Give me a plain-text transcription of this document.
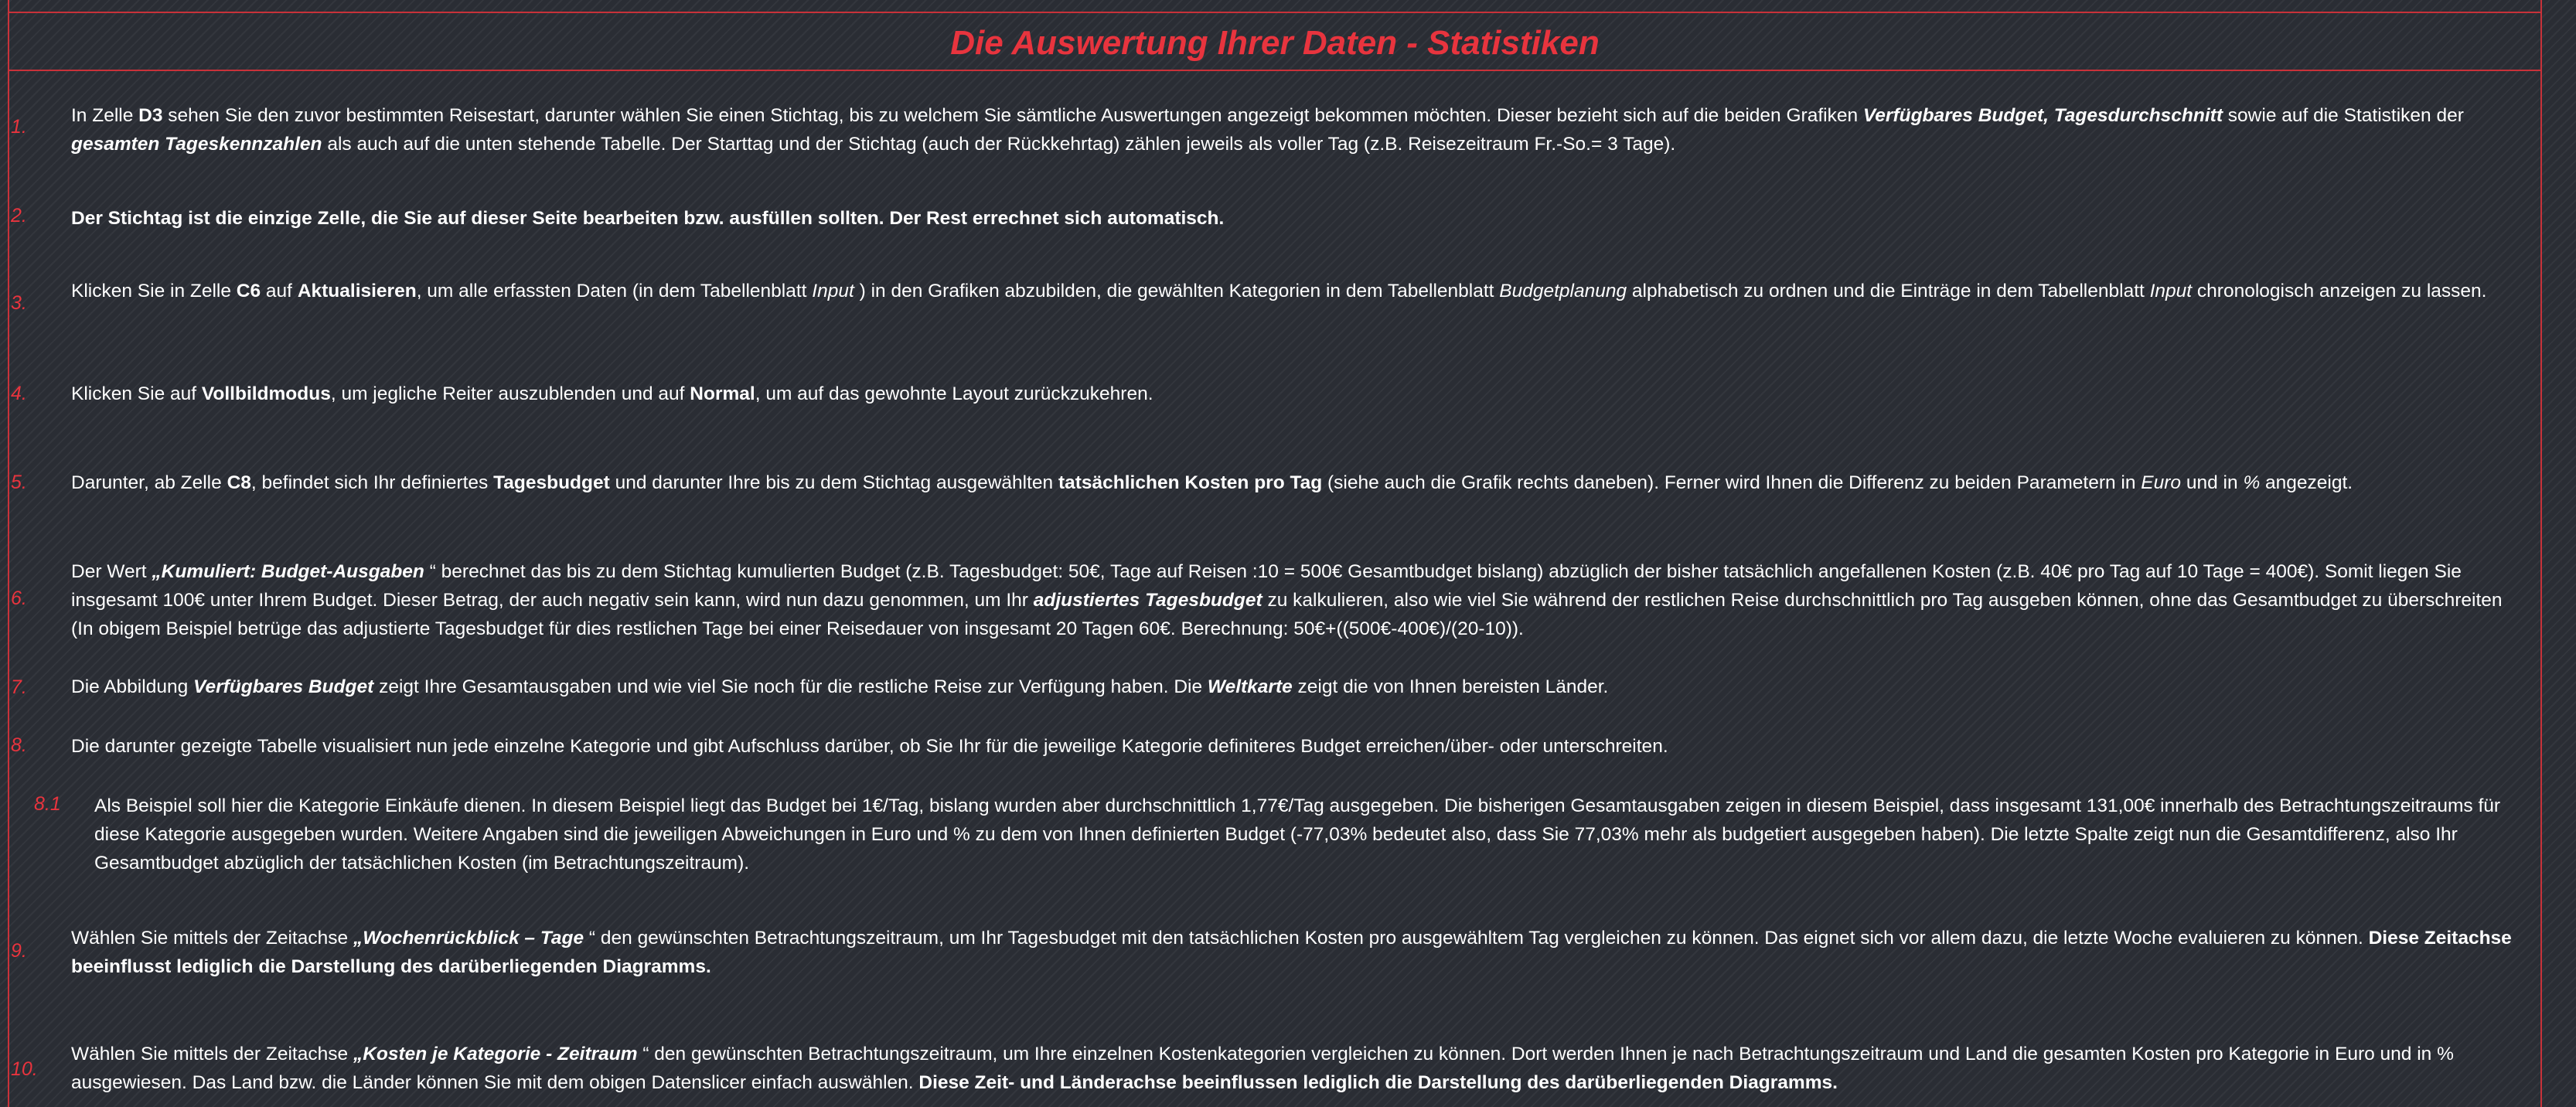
Die Auswertung Ihrer Daten - Statistiken
1.
In Zelle D3 sehen Sie den zuvor bestimmten Reisestart, darunter wählen Sie einen Stichtag, bis zu welchem Sie sämtliche Auswertungen angezeigt bekommen möchten. Dieser bezieht sich auf die beiden Grafiken Verfügbares Budget, Tagesdurchschnitt sowie auf die Statistiken der gesamten Tageskennzahlen als auch auf die unten stehende Tabelle. Der Starttag und der Stichtag (auch der Rückkehrtag) zählen jeweils als voller Tag (z.B. Reisezeitraum Fr.-So.= 3 Tage).
2. Der Stichtag ist die einzige Zelle, die Sie auf dieser Seite bearbeiten bzw. ausfüllen sollten. Der Rest errechnet sich automatisch.
3.
Klicken Sie in Zelle C6 auf Aktualisieren, um alle erfassten Daten (in dem Tabellenblatt Input ) in den Grafiken abzubilden, die gewählten Kategorien in dem Tabellenblatt Budgetplanung alphabetisch zu ordnen und die Einträge in dem Tabellenblatt Input chronologisch anzeigen zu lassen.
4. Klicken Sie auf Vollbildmodus, um jegliche Reiter auszublenden und auf Normal, um auf das gewohnte Layout zurückzukehren.
5. Darunter, ab Zelle C8, befindet sich Ihr definiertes Tagesbudget und darunter Ihre bis zu dem Stichtag ausgewählten tatsächlichen Kosten pro Tag (siehe auch die Grafik rechts daneben). Ferner wird Ihnen die Differenz zu beiden Parametern in Euro und in % angezeigt.
6.
Der Wert „Kumuliert: Budget-Ausgaben “ berechnet das bis zu dem Stichtag kumulierten Budget (z.B. Tagesbudget: 50€, Tage auf Reisen :10 = 500€ Gesamtbudget bislang) abzüglich der bisher tatsächlich angefallenen Kosten (z.B. 40€ pro Tag auf 10 Tage = 400€). Somit liegen Sie insgesamt 100€ unter Ihrem Budget. Dieser Betrag, der auch negativ sein kann, wird nun dazu genommen, um Ihr adjustiertes Tagesbudget zu kalkulieren, also wie viel Sie während der restlichen Reise durchschnittlich pro Tag ausgeben können, ohne das Gesamtbudget zu überschreiten (In obigem Beispiel betrüge das adjustierte Tagesbudget für dies restlichen Tage bei einer Reisedauer von insgesamt 20 Tagen 60€. Berechnung: 50€+((500€-400€)/(20-10)).
7. Die Abbildung Verfügbares Budget zeigt Ihre Gesamtausgaben und wie viel Sie noch für die restliche Reise zur Verfügung haben. Die Weltkarte zeigt die von Ihnen bereisten Länder.
8. Die darunter gezeigte Tabelle visualisiert nun jede einzelne Kategorie und gibt Aufschluss darüber, ob Sie Ihr für die jeweilige Kategorie definiteres Budget erreichen/über- oder unterschreiten.
8.1 Als Beispiel soll hier die Kategorie Einkäufe dienen. In diesem Beispiel liegt das Budget bei 1€/Tag, bislang wurden aber durchschnittlich 1,77€/Tag ausgegeben. Die bisherigen Gesamtausgaben zeigen in diesem Beispiel, dass insgesamt 131,00€ innerhalb des Betrachtungszeitraums für diese Kategorie ausgegeben wurden. Weitere Angaben sind die jeweiligen Abweichungen in Euro und % zu dem von Ihnen definierten Budget (-77,03% bedeutet also, dass Sie 77,03% mehr als budgetiert ausgegeben haben). Die letzte Spalte zeigt nun die Gesamtdifferenz, also Ihr Gesamtbudget abzüglich der tatsächlichen Kosten (im Betrachtungszeitraum).
9.
Wählen Sie mittels der Zeitachse „Wochenrückblick – Tage “ den gewünschten Betrachtungszeitraum, um Ihr Tagesbudget mit den tatsächlichen Kosten pro ausgewähltem Tag vergleichen zu können. Das eignet sich vor allem dazu, die letzte Woche evaluieren zu können. Diese Zeitachse beeinflusst lediglich die Darstellung des darüberliegenden Diagramms.
10.
Wählen Sie mittels der Zeitachse „Kosten je Kategorie - Zeitraum “ den gewünschten Betrachtungszeitraum, um Ihre einzelnen Kostenkategorien vergleichen zu können. Dort werden Ihnen je nach Betrachtungszeitraum und Land die gesamten Kosten pro Kategorie in Euro und in % ausgewiesen. Das Land bzw. die Länder können Sie mit dem obigen Datenslicer einfach auswählen. Diese Zeit- und Länderachse beeinflussen lediglich die Darstellung des darüberliegenden Diagramms.
